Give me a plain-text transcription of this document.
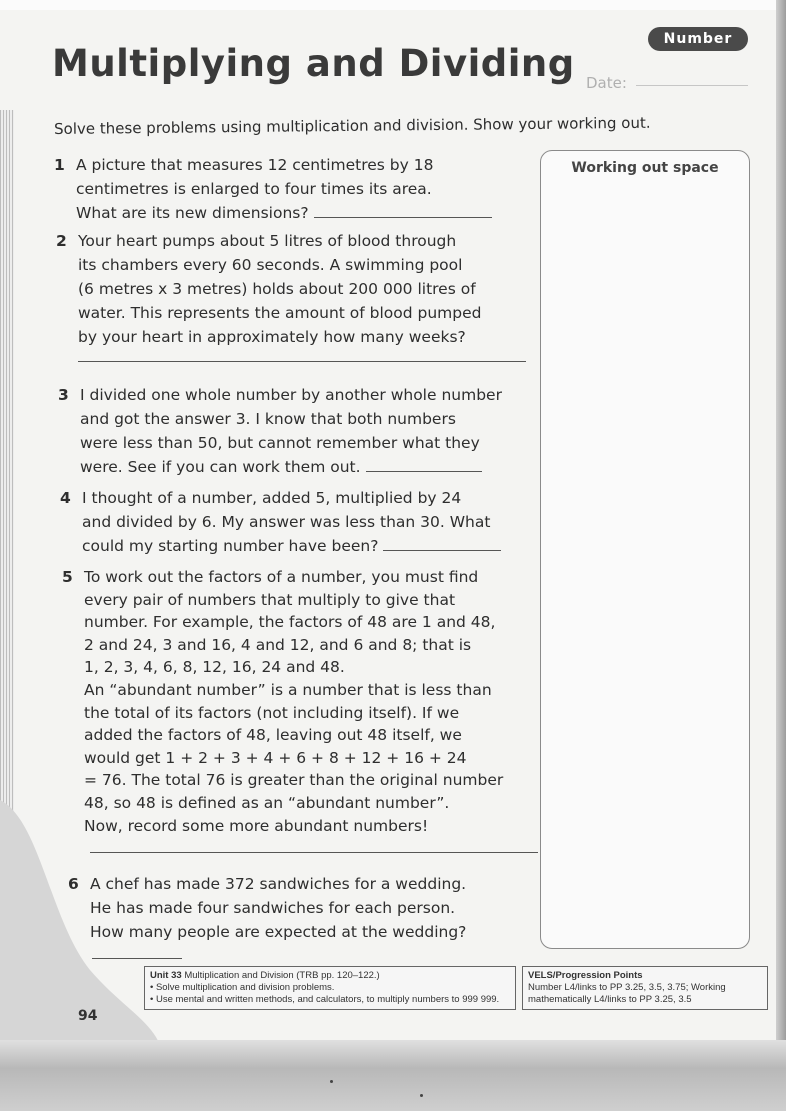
Number
Multiplying and Dividing Date:
Solve these problems using multiplication and division. Show your working out.
Working out space
1 A picture that measures 12 centimetres by 18
centimetres is enlarged to four times its area.
What are its new dimensions?
2 Your heart pumps about 5 litres of blood through
its chambers every 60 seconds. A swimming pool
(6 metres x 3 metres) holds about 200 000 litres of
water. This represents the amount of blood pumped
by your heart in approximately how many weeks?
3 I divided one whole number by another whole number
and got the answer 3. I know that both numbers
were less than 50, but cannot remember what they
were. See if you can work them out.
4 I thought of a number, added 5, multiplied by 24
and divided by 6. My answer was less than 30. What
could my starting number have been?
5 To work out the factors of a number, you must find
every pair of numbers that multiply to give that
number. For example, the factors of 48 are 1 and 48,
2 and 24, 3 and 16, 4 and 12, and 6 and 8; that is
1, 2, 3, 4, 6, 8, 12, 16, 24 and 48.
An “abundant number” is a number that is less than
the total of its factors (not including itself). If we
added the factors of 48, leaving out 48 itself, we
would get 1 + 2 + 3 + 4 + 6 + 8 + 12 + 16 + 24
= 76. The total 76 is greater than the original number
48, so 48 is defined as an “abundant number”.
Now, record some more abundant numbers!
6 A chef has made 372 sandwiches for a wedding.
He has made four sandwiches for each person.
How many people are expected at the wedding?
Unit 33 Multiplication and Division (TRB pp. 120–122.)
• Solve multiplication and division problems.
• Use mental and written methods, and calculators, to multiply numbers to 999 999.
VELS/Progression Points
Number L4/links to PP 3.25, 3.5, 3.75; Working
mathematically L4/links to PP 3.25, 3.5
94
